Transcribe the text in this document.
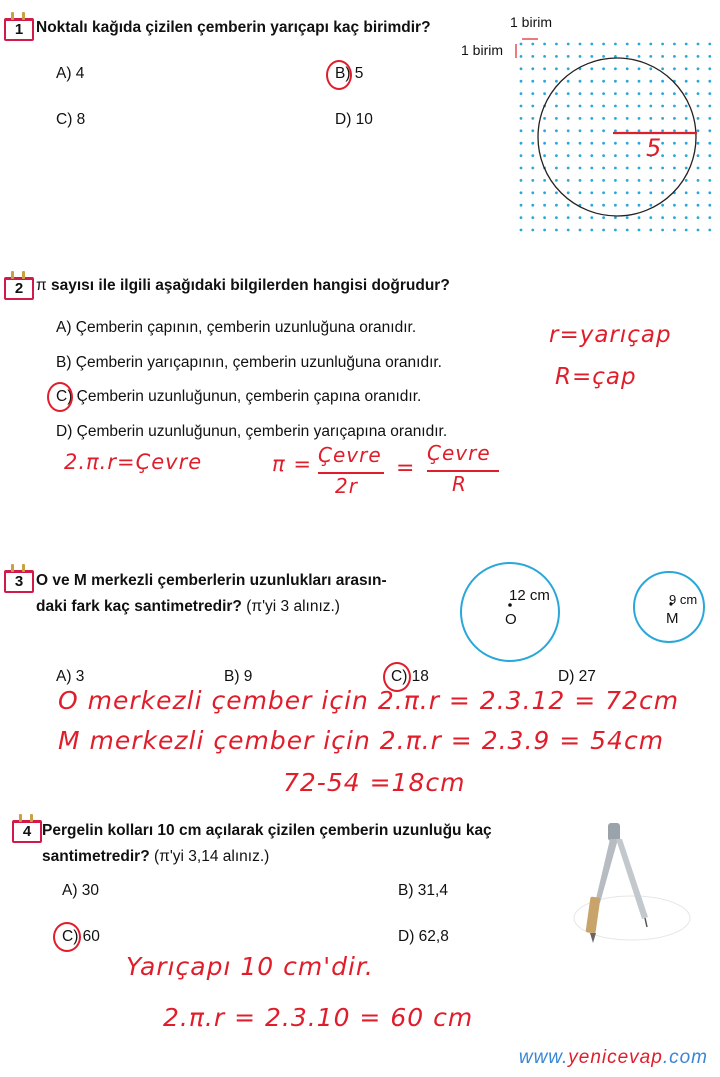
1 Noktalı kağıda çizilen çemberin yarıçapı kaç birimdir?
A) 4	B) 5
C) 8	D) 10
1 birim
1 birim
5
2 π sayısı ile ilgili aşağıdaki bilgilerden hangisi doğrudur?
A) Çemberin çapının, çemberin uzunluğuna oranıdır.
B) Çemberin yarıçapının, çemberin uzunluğuna oranıdır.
C) Çemberin uzunluğunun, çemberin çapına oranıdır.
D) Çemberin uzunluğunun, çemberin yarıçapına oranıdır.
r=yarıçap
R=çap
2.π.r=Çevre	π = Çevre
2r
=
Çevre
R
3 O ve M merkezli çemberlerin uzunlukları arasın-
daki fark kaç santimetredir? (π'yi 3 alınız.)
12 cm
O
9 cm
M
A) 3	B) 9	C) 18	D) 27
O merkezli çember için 2.π.r = 2.3.12 = 72cm
M merkezli çember için 2.π.r = 2.3.9 = 54cm
72-54 =18cm
4 Pergelin kolları 10 cm açılarak çizilen çemberin uzunluğu kaç
santimetredir? (π'yi 3,14 alınız.)
A) 30	B) 31,4
C) 60	D) 62,8
Yarıçapı 10 cm'dir.
2.π.r = 2.3.10 = 60 cm
www.yenicevap.com
